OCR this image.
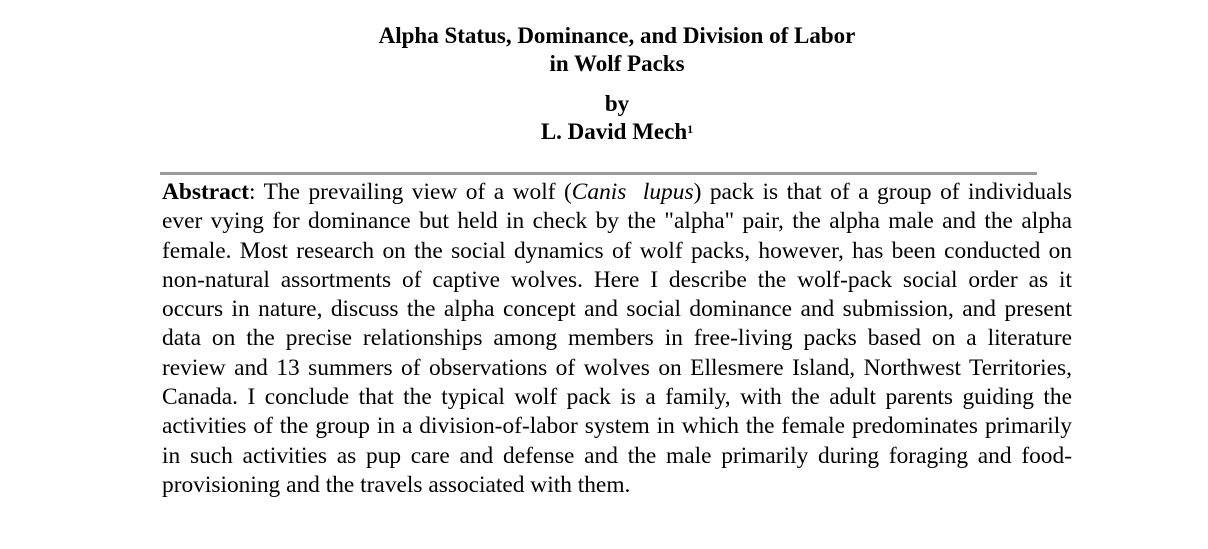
Alpha Status, Dominance, and Division of Labor
in Wolf Packs
by
L. David Mech$^1$
Abstract: The prevailing view of a wolf (Canis lupus) pack is that of a group of individuals ever vying for dominance but held in check by the "alpha" pair, the alpha male and the alpha female. Most research on the social dynamics of wolf packs, however, has been conducted on non-natural assortments of captive wolves. Here I describe the wolf-pack social order as it occurs in nature, discuss the alpha concept and social dominance and submission, and present data on the precise relationships among members in free-living packs based on a literature review and 13 summers of observations of wolves on Ellesmere Island, Northwest Territories, Canada. I conclude that the typical wolf pack is a family, with the adult parents guiding the activities of the group in a division-of-labor system in which the female predominates primarily in such activities as pup care and defense and the male primarily during foraging and food-provisioning and the travels associated with them.
